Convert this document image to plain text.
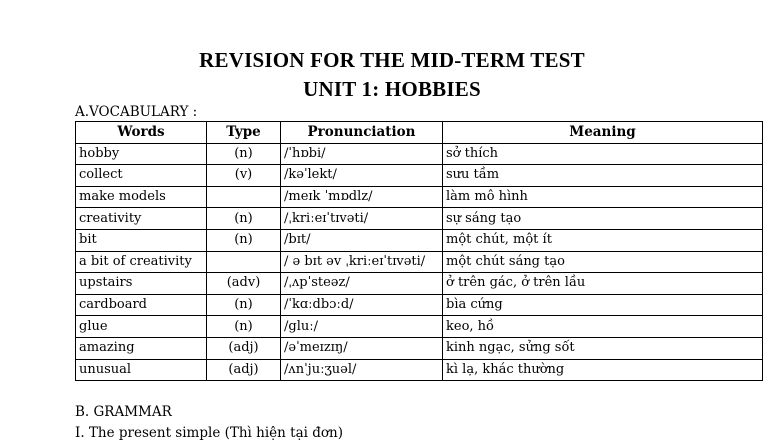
REVISION FOR THE MID-TERM TEST
UNIT 1: HOBBIES
A.VOCABULARY :
Words	Type	Pronunciation	Meaning
hobby	(n)	/ˈhɒbi/	sở thích
collect	(v)	/kəˈlekt/	sưu tầm
make models		/meɪk ˈmɒdlz/	làm mô hình
creativity	(n)	/ˌkriːeɪˈtɪvəti/	sự sáng tạo
bit	(n)	/bɪt/	một chút, một ít
a bit of creativity		/ ə bɪt əv ˌkriːeɪˈtɪvəti/	một chút sáng tạo
upstairs	(adv)	/ˌʌpˈsteəz/	ở trên gác, ở trên lầu
cardboard	(n)	/ˈkɑːdbɔːd/	bìa cứng
glue	(n)	/gluː/	keo, hồ
amazing	(adj)	/əˈmeɪzɪŋ/	kinh ngạc, sửng sốt
unusual	(adj)	/ʌnˈjuːʒuəl/	kì lạ, khác thường
B. GRAMMAR
I. The present simple (Thì hiện tại đơn)
